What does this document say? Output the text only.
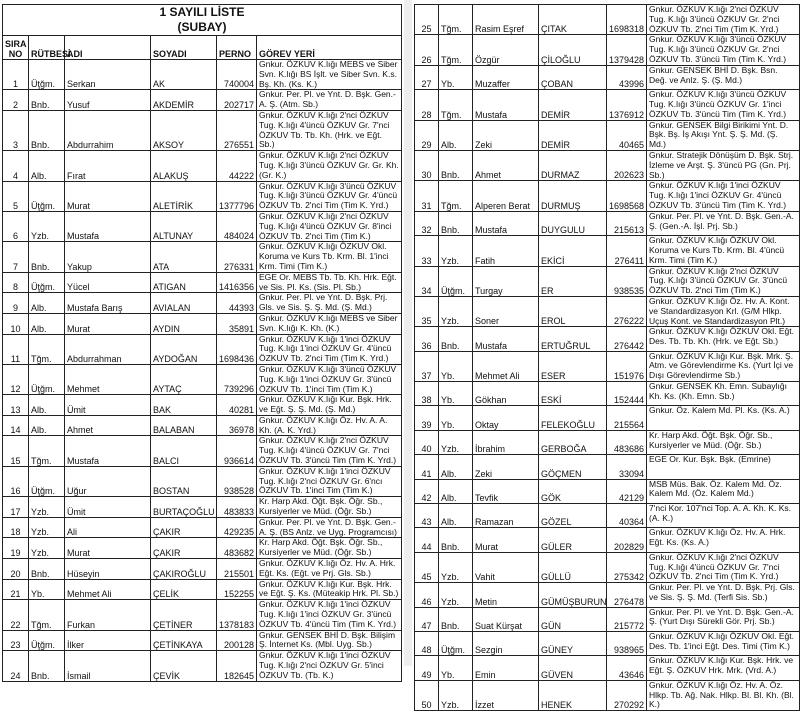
1 SAYILI LİSTE
(SUBAY)					

SIRA
NO	RÜTBESİ	ADI	SOYADI	PERNO	GÖREV YERİ
1	Üţğm.	Serkan	AK	740004	Gnkur. ÖZKUV K.lığı MEBS ve Siber Svn. K.lığı BS İşlt. ve Siber Svn. K.s. Bş. Kh. (Ks. K.)
2	Bnb.	Yusuf	AKDEMİR	202717	Gnkur. Per. Pl. ve Ynt. D. Bşk. Gen.-A. Ş. (Atm. Sb.)
3	Bnb.	Abdurrahim	AKSOY	276551	Gnkur. ÖZKUV K.lığı 2'nci ÖZKUV Tug. K.lığı 4'üncü ÖZKUV Gr. 7'nci ÖZKUV Tb. Tb. Kh. (Hrk. ve Eğt. Sb.)
4	Alb.	Fırat	ALAKUŞ	44222	Gnkur. ÖZKUV K.lığı 2'nci ÖZKUV Tug. K.lığı 3'üncü ÖZKUV Gr. Gr. Kh. (Gr. K.)
5	Üţğm.	Murat	ALETİRİK	1377796	Gnkur. ÖZKUV K.lığı 3'üncü ÖZKUV Tug. K.lığı 3'üncü ÖZKUV Gr. 4'üncü ÖZKUV Tb. 2'nci Tim (Tim K. Yrd.)
6	Yzb.	Mustafa	ALTUNAY	484024	Gnkur. ÖZKUV K.lığı 2'nci ÖZKUV Tug. K.lığı 4'üncü ÖZKUV Gr. 8'inci ÖZKUV Tb. 2'nci Tim (Tim K.)
7	Bnb.	Yakup	ATA	276331	Gnkur. ÖZKUV K.lığı ÖZKUV Okl. Koruma ve Kurs Tb. Krm. Bl. 1'inci Krm. Timi (Tim K.)
8	Üţğm.	Yücel	ATIGAN	1416356	EGE Or. MEBS Tb. Tb. Kh. Hrk. Eğt. ve Sis. Pl. Ks. (Sis. Pl. Sb.)
9	Alb.	Mustafa Barış	AVIALAN	44393	Gnkur. Per. Pl. ve Ynt. D. Bşk. Prj. Gls. ve Sis. Ş. Ş. Md. (Ş. Md.)
10	Alb.	Murat	AYDIN	35891	Gnkur. ÖZKUV K.lığı MEBS ve Siber Svn. K.lığı K. Kh. (K.)
11	Tğm.	Abdurrahman	AYDOĞAN	1698436	Gnkur. ÖZKUV K.lığı 1'inci ÖZKUV Tug. K.lığı 1'inci ÖZKUV Gr. 4'üncü ÖZKUV Tb. 2'nci Tim (Tim K. Yrd.)
12	Üţğm.	Mehmet	AYTAÇ	739296	Gnkur. ÖZKUV K.lığı 3'üncü ÖZKUV Tug. K.lığı 1'inci ÖZKUV Gr. 3'üncü ÖZKUV Tb. 1'inci Tim (Tim K.)
13	Alb.	Ümit	BAK	40281	Gnkur. ÖZKUV K.lığı Kur. Bşk. Hrk. ve Eğt. Ş. Ş. Md. (Ş. Md.)
14	Alb.	Ahmet	BALABAN	36978	Gnkur. ÖZKUV K.lığı Öz. Hv. A. A. Kh. (A. K. Yrd.)
15	Tğm.	Mustafa	BALCI	936614	Gnkur. ÖZKUV K.lığı 2'nci ÖZKUV Tug. K.lığı 4'üncü ÖZKUV Gr. 7'nci ÖZKUV Tb. 3'üncü Tim (Tim K. Yrd.)
16	Üţğm.	Uğur	BOSTAN	938528	Gnkur. ÖZKUV K.lığı 1'inci ÖZKUV Tug. K.lığı 2'nci ÖZKUV Gr. 6'ncı ÖZKUV Tb. 1'inci Tim (Tim K.)
17	Yzb.	Ümit	BURTAÇOĞLU	483833	Kr. Harp Akd. Öğt. Bşk. Öğr. Sb., Kursiyerler ve Müd. (Öğr. Sb.)
18	Yzb.	Ali	ÇAKIR	429235	Gnkur. Per. Pl. ve Ynt. D. Bşk. Gen.-A. Ş. (BS Anlz. ve Uyg. Programcısı)
19	Yzb.	Murat	ÇAKIR	483682	Kr. Harp Akd. Öğt. Bşk. Öğr. Sb., Kursiyerler ve Müd. (Öğr. Sb.)
20	Bnb.	Hüseyin	ÇAKIROĞLU	215501	Gnkur. ÖZKUV K.lığı Öz. Hv. A. Hrk. Eğt. Ks. (Eğt. ve Prj. Gls. Sb.)
21	Yb.	Mehmet Ali	ÇELİK	152255	Gnkur. ÖZKUV K.lığı Kur. Bşk. Hrk. ve Eğt. Ş. Ks. (Müteakip Hrk. Pl. Sb.)
22	Tğm.	Furkan	ÇETİNER	1378183	Gnkur. ÖZKUV K.lığı 1'inci ÖZKUV Tug. K.lığı 1'inci ÖZKUV Gr. 3'üncü ÖZKUV Tb. 4'üncü Tim (Tim K. Yrd.)
23	Üţğm.	İlker	ÇETİNKAYA	200128	Gnkur. GENSEK BHİ D. Bşk. Bilişim Ş. İnternet Ks. (Mbl. Uyg. Sb.)
24	Bnb.	İsmail	ÇEVİK	182645	Gnkur. ÖZKUV K.lığı 1'inci ÖZKUV Tug. K.lığı 2'nci ÖZKUV Gr. 5'inci ÖZKUV Tb. (Tb. K.)
25	Tğm.	Rasim Eşref	ÇITAK	1698318	Gnkur. ÖZKUV K.lığı 2'nci ÖZKUV Tug. K.lığı 3'üncü ÖZKUV Gr. 2'nci ÖZKUV Tb. 2'nci Tim (Tim K. Yrd.)
26	Tğm.	Özgür	ÇİLOĞLU	1379428	Gnkur. ÖZKUV K.lığı 3'üncü ÖZKUV Tug. K.lığı 3'üncü ÖZKUV Gr. 2'nci ÖZKUV Tb. 3'üncü Tim (Tim K. Yrd.)
27	Yb.	Muzaffer	ÇOBAN	43996	Gnkur. GENSEK BHİ D. Bşk. Bsn. Değ. ve Anlz. Ş. (Ş. Md.)
28	Tğm.	Mustafa	DEMİR	1376912	Gnkur. ÖZKUV K.lığı 3'üncü ÖZKUV Tug. K.lığı 3'üncü ÖZKUV Gr. 1'inci ÖZKUV Tb. 3'üncü Tim (Tim K. Yrd.)
29	Alb.	Zeki	DEMİR	40465	Gnkur. GENSEK Bilgi Birikimi Ynt. D. Bşk. Bş. İş Akışı Ynt. Ş. Ş. Md. (Ş. Md.)
30	Bnb.	Ahmet	DURMAZ	202623	Gnkur. Stratejik Dönüşüm D. Bşk. Strj. İzleme ve Arşt. Ş. 3'üncü PG (Gn. Prj. Sb.)
31	Tğm.	Alperen Berat	DURMUŞ	1698568	Gnkur. ÖZKUV K.lığı 1'inci ÖZKUV Tug. K.lığı 1'inci ÖZKUV Gr. 4'üncü ÖZKUV Tb. 3'üncü Tim (Tim K. Yrd.)
32	Bnb.	Mustafa	DUYGULU	215613	Gnkur. Per. Pl. ve Ynt. D. Bşk. Gen.-A. Ş. (Gen.-A. İşl. Prj. Sb.)
33	Yzb.	Fatih	EKİCİ	276411	Gnkur. ÖZKUV K.lığı ÖZKUV Okl. Koruma ve Kurs Tb. Krm. Bl. 4'üncü Krm. Timi (Tim K.)
34	Üţğm.	Turgay	ER	938535	Gnkur. ÖZKUV K.lığı 2'nci ÖZKUV Tug. K.lığı 3'üncü ÖZKUV Gr. 3'üncü ÖZKUV Tb. 2'nci Tim (Tim K.)
35	Yzb.	Soner	EROL	276222	Gnkur. ÖZKUV K.lığı Öz. Hv. A. Kont. ve Standardizasyon Krl. (G/M Hlkp. Uçuş Kont. ve Standardizasyon Plt.)
36	Bnb.	Mustafa	ERTUĞRUL	276442	Gnkur. ÖZKUV K.lığı ÖZKUV Okl. Eğt. Des. Tb. Tb. Kh. (Hrk. ve Eğt. Sb.)
37	Yb.	Mehmet Ali	ESER	151976	Gnkur. ÖZKUV K.lığı Kur. Bşk. Mrk. Ş. Atm. ve Görevlendirme Ks. (Yurt İçi ve Dışı Görevlendirme Sb.)
38	Yb.	Gökhan	ESKİ	152444	Gnkur. GENSEK Kh. Emn. Subaylığı Kh. Ks. (Kh. Emn. Sb.)
39	Yb.	Oktay	FELEKOĞLU	215564	Gnkur. Öz. Kalem Md. Pl. Ks. (Ks. A.)
40	Yzb.	İbrahim	GERBOĞA	483686	Kr. Harp Akd. Öğt. Bşk. Öğr. Sb., Kursiyerler ve Müd. (Öğr. Sb.)
41	Alb.	Zeki	GÖÇMEN	33094	EGE Or. Kur. Bşk. Bşk. (Emrine)
42	Alb.	Tevfik	GÖK	42129	MSB Müs. Bak. Öz. Kalem Md. Öz. Kalem Md. (Öz. Kalem Md.)
43	Alb.	Ramazan	GÖZEL	40364	7'nci Kor. 107'nci Top. A. A. Kh. K. Ks. (A. K.)
44	Bnb.	Murat	GÜLER	202829	Gnkur. ÖZKUV K.lığı Öz. Hv. A. Hrk. Eğt. Ks. (Ks. A.)
45	Yzb.	Vahit	GÜLLÜ	275342	Gnkur. ÖZKUV K.lığı 2'nci ÖZKUV Tug. K.lığı 4'üncü ÖZKUV Gr. 7'nci ÖZKUV Tb. 2'nci Tim (Tim K. Yrd.)
46	Yzb.	Metin	GÜMÜŞBURUN	276478	Gnkur. Per. Pl. ve Ynt. D. Bşk. Prj. Gls. ve Sis. Ş. Ş. Md. (Terfi Sis. Sb.)
47	Bnb.	Suat Kürşat	GÜN	215772	Gnkur. Per. Pl. ve Ynt. D. Bşk. Gen.-A. Ş. (Yurt Dışı Sürekli Gör. Prj. Sb.)
48	Üţğm.	Sezgin	GÜNEY	938965	Gnkur. ÖZKUV K.lığı ÖZKUV Okl. Eğt. Des. Tb. 1'inci Eğt. Des. Timi (Tim K.)
49	Yb.	Emin	GÜVEN	43646	Gnkur. ÖZKUV K.lığı Kur. Bşk. Hrk. ve Eğt. Ş. ÖZKUV Hrk. Mrk. (Vrd. A.)
50	Yzb.	İzzet	HENEK	270292	Gnkur. ÖZKUV K.lığı Öz. Hv. A. Öz. Hlkp. Tb. Ağ. Nak. Hlkp. Bl. Bl. Kh. (Bl. K.)
